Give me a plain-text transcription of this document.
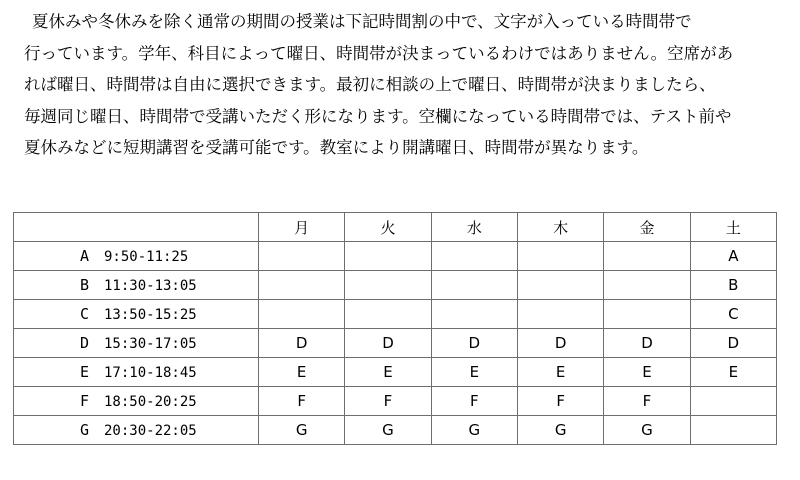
夏休みや冬休みを除く通常の期間の授業は下記時間割の中で、文字が入っている時間帯で
行っています。学年、科目によって曜日、時間帯が決まっているわけではありません。空席があ
れば曜日、時間帯は自由に選択できます。最初に相談の上で曜日、時間帯が決まりましたら、
毎週同じ曜日、時間帯で受講いただく形になります。空欄になっている時間帯では、テスト前や
夏休みなどに短期講習を受講可能です。教室により開講曜日、時間帯が異なります。

	月	火	水	木	金	土
A 9:50-11:25						A
B 11:30-13:05						B
C 13:50-15:25						C
D 15:30-17:05	D	D	D	D	D	D
E 17:10-18:45	E	E	E	E	E	E
F 18:50-20:25	F	F	F	F	F	
G 20:30-22:05	G	G	G	G	G	
